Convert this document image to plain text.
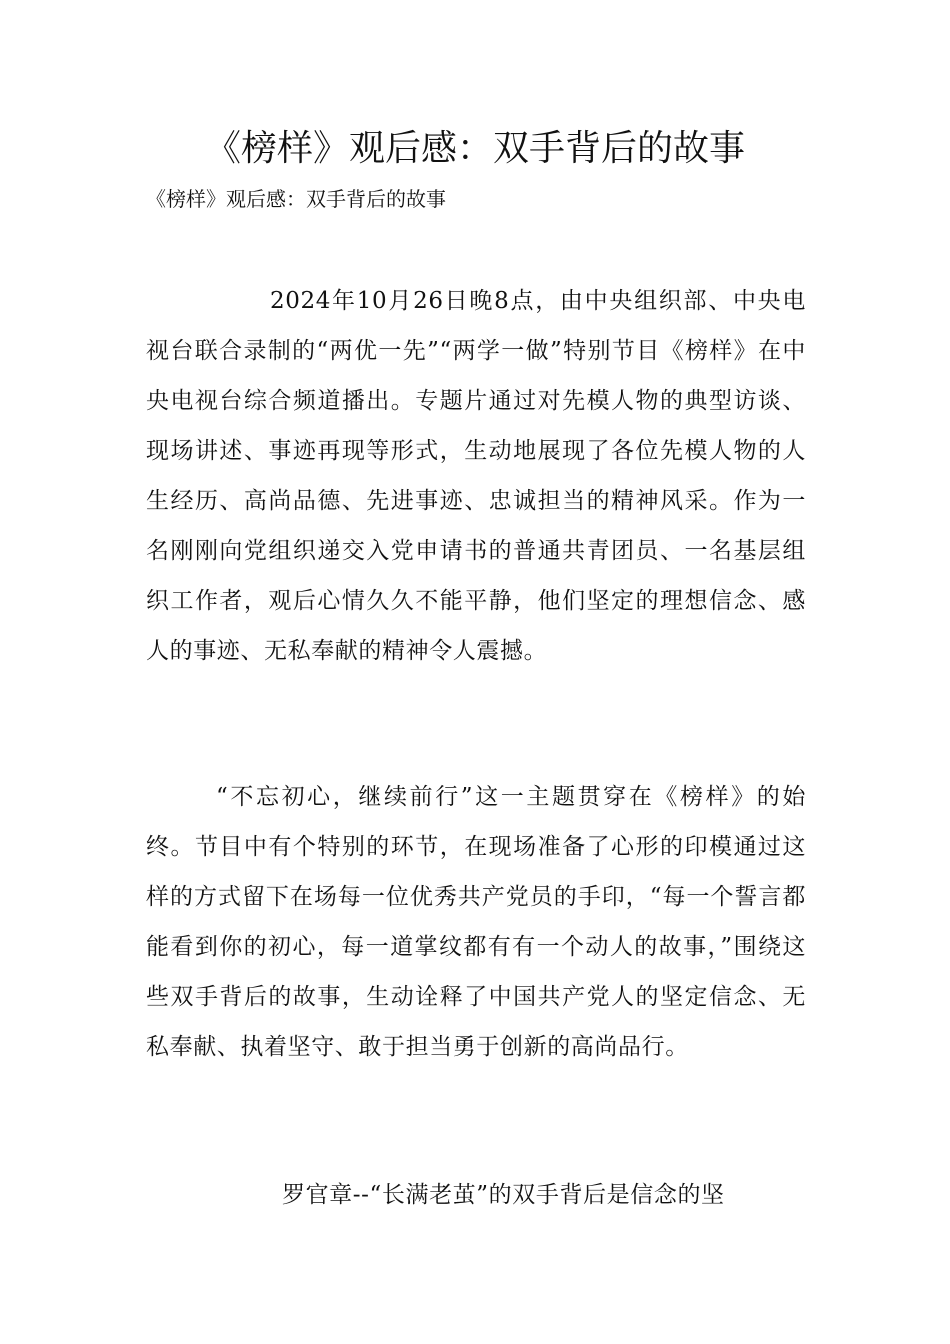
《榜样》观后感：双手背后的故事

《榜样》观后感：双手背后的故事

2024年10月26日晚8点，由中央组织部、中央电视台联合录制的“两优一先”“两学一做”特别节目《榜样》在中央电视台综合频道播出。专题片通过对先模人物的典型访谈、现场讲述、事迹再现等形式，生动地展现了各位先模人物的人生经历、高尚品德、先进事迹、忠诚担当的精神风采。作为一名刚刚向党组织递交入党申请书的普通共青团员、一名基层组织工作者，观后心情久久不能平静，他们坚定的理想信念、感人的事迹、无私奉献的精神令人震撼。

“不忘初心，继续前行”这一主题贯穿在《榜样》的始终。节目中有个特别的环节，在现场准备了心形的印模通过这样的方式留下在场每一位优秀共产党员的手印，“每一个誓言都能看到你的初心，每一道掌纹都有有一个动人的故事，”围绕这些双手背后的故事，生动诠释了中国共产党人的坚定信念、无私奉献、执着坚守、敢于担当勇于创新的高尚品行。

罗官章--“长满老茧”的双手背后是信念的坚
